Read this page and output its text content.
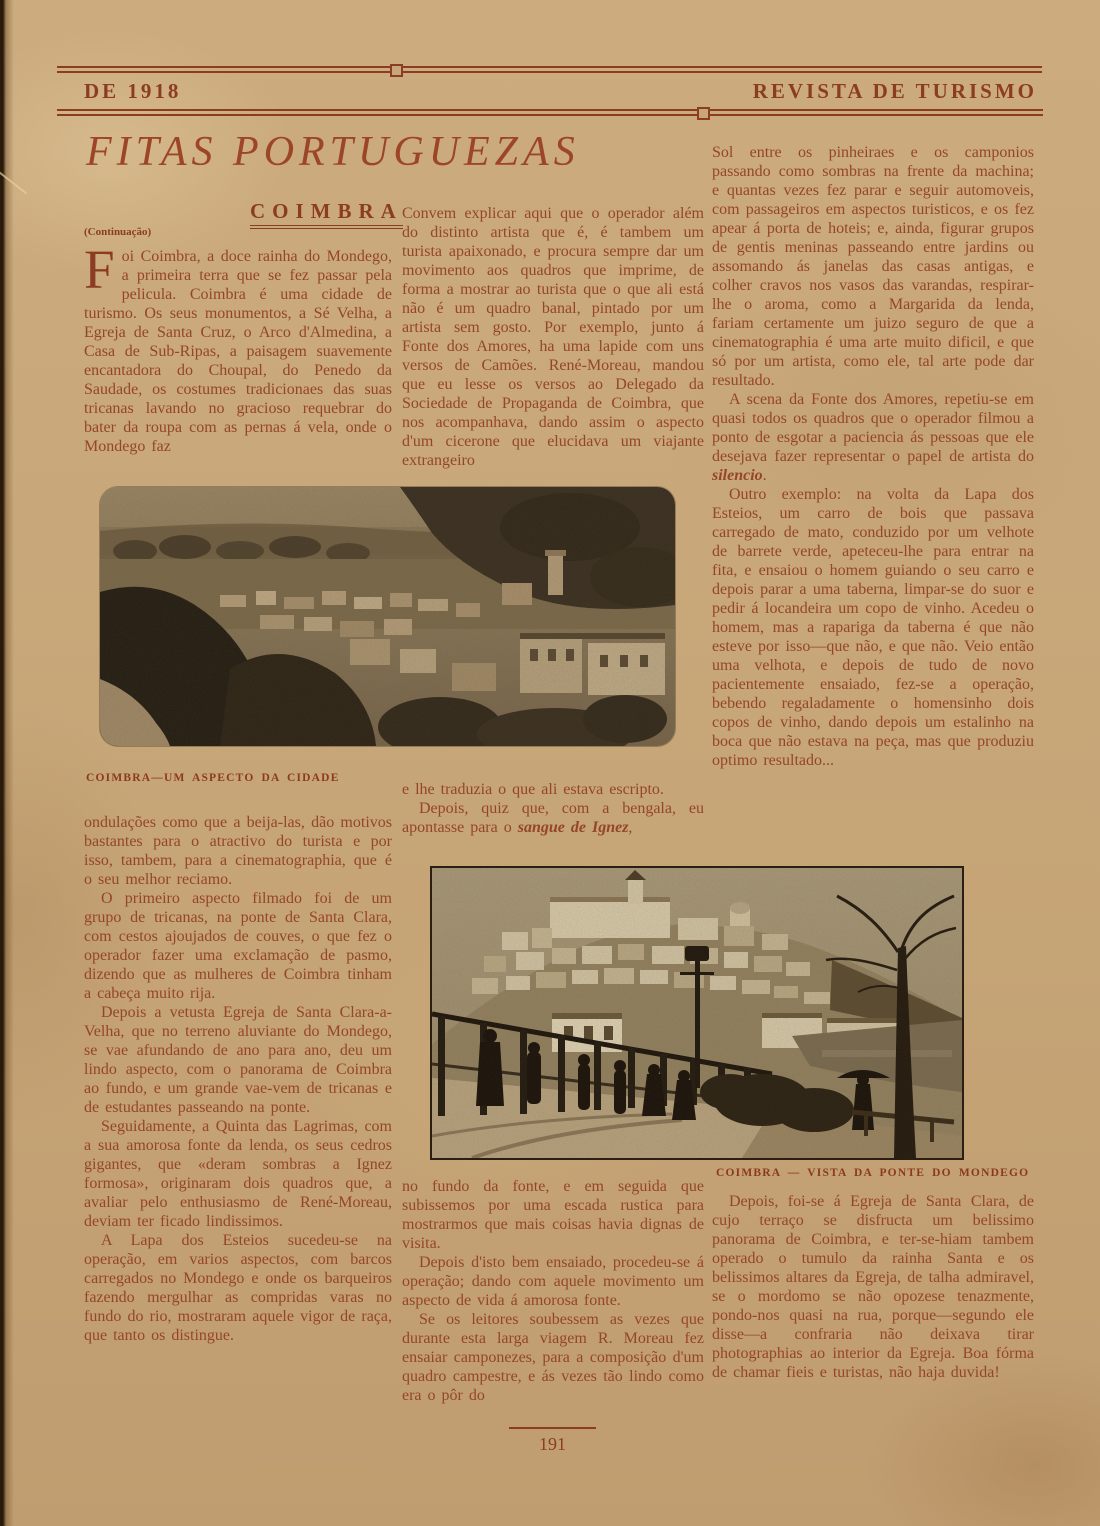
DE 1918	REVISTA DE TURISMO
FITAS PORTUGUEZAS
COIMBRA
(Continuação)

Foi Coimbra, a doce rainha do Mondego, a primeira terra que se fez passar pela pelicula. Coimbra é uma cidade de turismo. Os seus monumentos, a Sé Velha, a Egreja de Santa Cruz, o Arco d'Almedina, a Casa de Sub-Ripas, a paisagem suavemente encantadora do Choupal, do Penedo da Saudade, os costumes tradicionaes das suas tricanas lavando no gracioso requebrar do bater da roupa com as pernas á vela, onde o Mondego faz

Convem explicar aqui que o operador além do distinto artista que é, é tambem um turista apaixonado, e procura sempre dar um movimento aos quadros que imprime, de forma a mostrar ao turista que o que ali está não é um quadro banal, pintado por um artista sem gosto. Por exemplo, junto á Fonte dos Amores, ha uma lapide com uns versos de Camões. René-Moreau, mandou que eu lesse os versos ao Delegado da Sociedade de Propaganda de Coimbra, que nos acompanhava, dando assim o aspecto d'um cicerone que elucidava um viajante extrangeiro

Sol entre os pinheiraes e os camponios passando como sombras na frente da machina; e quantas vezes fez parar e seguir automoveis, com passageiros em aspectos turisticos, e os fez apear á porta de hoteis; e, ainda, figurar grupos de gentis meninas passeando entre jardins ou assomando ás janelas das casas antigas, e colher cravos nos vasos das varandas, respirar-lhe o aroma, como a Margarida da lenda, fariam certamente um juizo seguro de que a cinematographia é uma arte muito dificil, e que só por um artista, como ele, tal arte pode dar resultado.

A scena da Fonte dos Amores, repetiu-se em quasi todos os quadros que o operador filmou a ponto de esgotar a paciencia ás pessoas que ele desejava fazer representar o papel de artista do silencio.

Outro exemplo: na volta da Lapa dos Esteios, um carro de bois que passava carregado de mato, conduzido por um velhote de barrete verde, apeteceu-lhe para entrar na fita, e ensaiou o homem guiando o seu carro e depois parar a uma taberna, limpar-se do suor e pedir á locandeira um copo de vinho. Acedeu o homem, mas a rapariga da taberna é que não esteve por isso—que não, e que não. Veio então uma velhota, e depois de tudo de novo pacientemente ensaiado, fez-se a operação, bebendo regaladamente o homensinho dois copos de vinho, dando depois um estalinho na boca que não estava na peça, mas que produziu optimo resultado...

COIMBRA—UM ASPECTO DA CIDADE

e lhe traduzia o que ali estava escripto.

Depois, quiz que, com a bengala, eu apontasse para o sangue de Ignez,

ondulações como que a beija-las, dão motivos bastantes para o atractivo do turista e por isso, tambem, para a cinematographia, que é o seu melhor reciamo.

O primeiro aspecto filmado foi de um grupo de tricanas, na ponte de Santa Clara, com cestos ajoujados de couves, o que fez o operador fazer uma exclamação de pasmo, dizendo que as mulheres de Coimbra tinham a cabeça muito rija.

Depois a vetusta Egreja de Santa Clara-a-Velha, que no terreno aluviante do Mondego, se vae afundando de ano para ano, deu um lindo aspecto, com o panorama de Coimbra ao fundo, e um grande vae-vem de tricanas e de estudantes passeando na ponte.

Seguidamente, a Quinta das Lagrimas, com a sua amorosa fonte da lenda, os seus cedros gigantes, que «deram sombras a Ignez formosa», originaram dois quadros que, a avaliar pelo enthusiasmo de René-Moreau, deviam ter ficado lindissimos.

A Lapa dos Esteios sucedeu-se na operação, em varios aspectos, com barcos carregados no Mondego e onde os barqueiros fazendo mergulhar as compridas varas no fundo do rio, mostraram aquele vigor de raça, que tanto os distingue.

COIMBRA — VISTA DA PONTE DO MONDEGO

no fundo da fonte, e em seguida que subissemos por uma escada rustica para mostrarmos que mais coisas havia dignas de visita.

Depois d'isto bem ensaiado, procedeu-se á operação; dando com aquele movimento um aspecto de vida á amorosa fonte.

Se os leitores soubessem as vezes que durante esta larga viagem R. Moreau fez ensaiar camponezes, para a composição d'um quadro campestre, e ás vezes tão lindo como era o pôr do

Depois, foi-se á Egreja de Santa Clara, de cujo terraço se disfructa um belissimo panorama de Coimbra, e ter-se-hiam tambem operado o tumulo da rainha Santa e os belissimos altares da Egreja, de talha admiravel, se o mordomo se não opozese tenazmente, pondo-nos quasi na rua, porque—segundo ele disse—a confraria não deixava tirar photographias ao interior da Egreja. Boa fórma de chamar fieis e turistas, não haja duvida!

191
